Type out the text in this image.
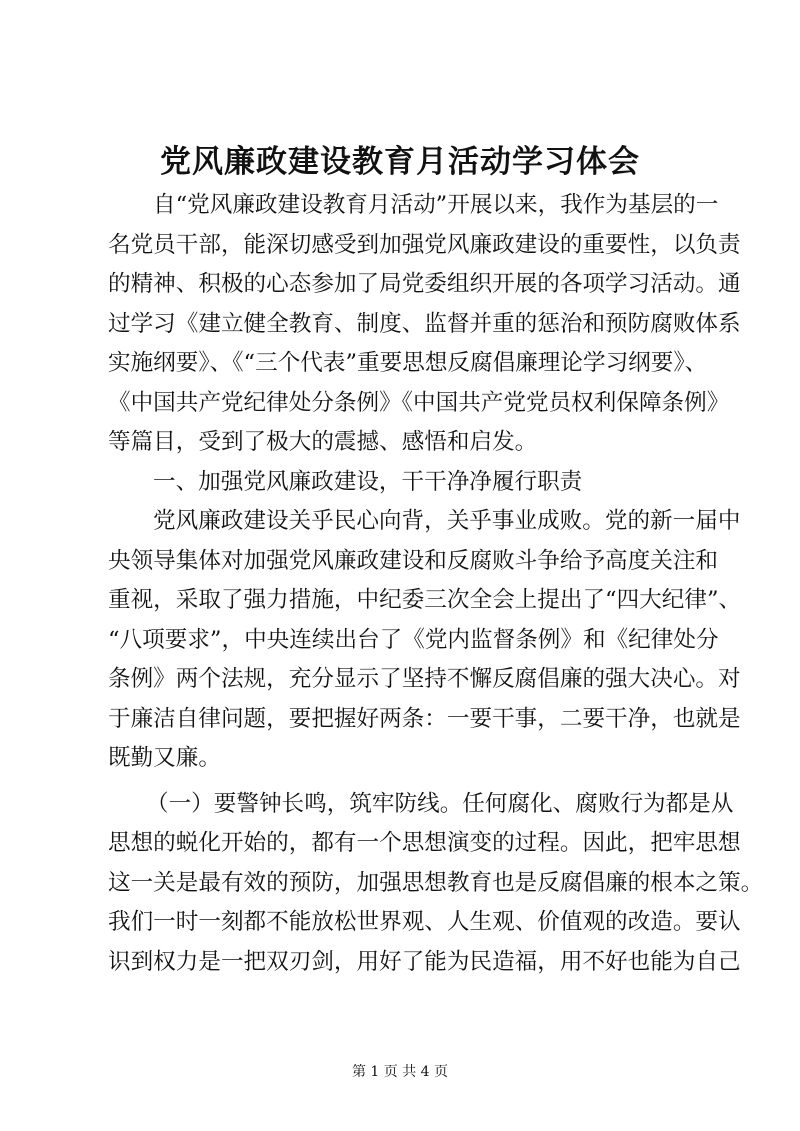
党风廉政建设教育月活动学习体会

自“党风廉政建设教育月活动”开展以来，我作为基层的一
名党员干部，能深切感受到加强党风廉政建设的重要性，以负责
的精神、积极的心态参加了局党委组织开展的各项学习活动。通
过学习《建立健全教育、制度、监督并重的惩治和预防腐败体系
实施纲要》、《“三个代表”重要思想反腐倡廉理论学习纲要》、
《中国共产党纪律处分条例》《中国共产党党员权利保障条例》
等篇目，受到了极大的震撼、感悟和启发。

一、加强党风廉政建设，干干净净履行职责

党风廉政建设关乎民心向背，关乎事业成败。党的新一届中
央领导集体对加强党风廉政建设和反腐败斗争给予高度关注和
重视，采取了强力措施，中纪委三次全会上提出了“四大纪律”、
“八项要求”，中央连续出台了《党内监督条例》和《纪律处分
条例》两个法规，充分显示了坚持不懈反腐倡廉的强大决心。对
于廉洁自律问题，要把握好两条：一要干事，二要干净，也就是
既勤又廉。

（一）要警钟长鸣，筑牢防线。任何腐化、腐败行为都是从
思想的蜕化开始的，都有一个思想演变的过程。因此，把牢思想
这一关是最有效的预防，加强思想教育也是反腐倡廉的根本之策。
我们一时一刻都不能放松世界观、人生观、价值观的改造。要认
识到权力是一把双刃剑，用好了能为民造福，用不好也能为自己

第 1 页 共 4 页
